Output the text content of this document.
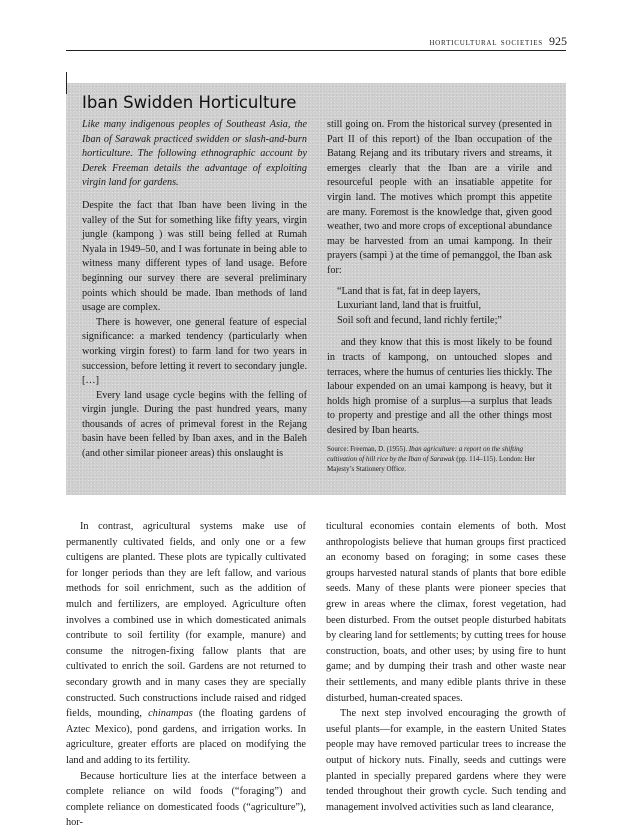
horticultural societies 925
Iban Swidden Horticulture

Like many indigenous peoples of Southeast Asia, the Iban of Sarawak practiced swidden or slash-and-burn horticulture. The following ethnographic account by Derek Freeman details the advantage of exploiting virgin land for gardens.

Despite the fact that Iban have been living in the valley of the Sut for something like fifty years, virgin jungle (kampong ) was still being felled at Rumah Nyala in 1949–50, and I was fortunate in being able to witness many different types of land usage. Before beginning our survey there are several preliminary points which should be made. Iban methods of land usage are complex.

There is however, one general feature of especial significance: a marked tendency (particularly when working virgin forest) to farm land for two years in succession, before letting it revert to secondary jungle. […]

Every land usage cycle begins with the felling of virgin jungle. During the past hundred years, many thousands of acres of primeval forest in the Rejang basin have been felled by Iban axes, and in the Baleh (and other similar pioneer areas) this onslaught is

still going on. From the historical survey (presented in Part II of this report) of the Iban occupation of the Batang Rejang and its tributary rivers and streams, it emerges clearly that the Iban are a virile and resourceful people with an insatiable appetite for virgin land. The motives which prompt this appetite are many. Foremost is the knowledge that, given good weather, two and more crops of exceptional abundance may be harvested from an umai kampong. In their prayers (sampi ) at the time of pemanggol, the Iban ask for:

“Land that is fat, fat in deep layers,
Luxuriant land, land that is fruitful,
Soil soft and fecund, land richly fertile;”

and they know that this is most likely to be found in tracts of kampong, on untouched slopes and terraces, where the humus of centuries lies thickly. The labour expended on an umai kampong is heavy, but it holds high promise of a surplus—a surplus that leads to property and prestige and all the other things most desired by Iban hearts.

Source: Freeman, D. (1955). Iban agriculture: a report on the shifting cultivation of hill rice by the Iban of Sarawak (pp. 114–115). London: Her Majesty’s Stationery Office.

In contrast, agricultural systems make use of permanently cultivated fields, and only one or a few cultigens are planted. These plots are typically cultivated for longer periods than they are left fallow, and various methods for soil enrichment, such as the addition of mulch and fertilizers, are employed. Agriculture often involves a combined use in which domesticated animals contribute to soil fertility (for example, manure) and consume the nitrogen-fixing fallow plants that are cultivated to enrich the soil. Gardens are not returned to secondary growth and in many cases they are specially constructed. Such constructions include raised and ridged fields, mounding, chinampas (the floating gardens of Aztec Mexico), pond gardens, and irrigation works. In agriculture, greater efforts are placed on modifying the land and adding to its fertility.

Because horticulture lies at the interface between a complete reliance on wild foods (“foraging”) and complete reliance on domesticated foods (“agriculture”), hor-

ticultural economies contain elements of both. Most anthropologists believe that human groups first practiced an economy based on foraging; in some cases these groups harvested natural stands of plants that bore edible seeds. Many of these plants were pioneer species that grew in areas where the climax, forest vegetation, had been disturbed. From the outset people disturbed habitats by clearing land for settlements; by cutting trees for house construction, boats, and other uses; by using fire to hunt game; and by dumping their trash and other waste near their settlements, and many edible plants thrive in these disturbed, human-created spaces.

The next step involved encouraging the growth of useful plants—for example, in the eastern United States people may have removed particular trees to increase the output of hickory nuts. Finally, seeds and cuttings were planted in specially prepared gardens where they were tended throughout their growth cycle. Such tending and management involved activities such as land clearance,
